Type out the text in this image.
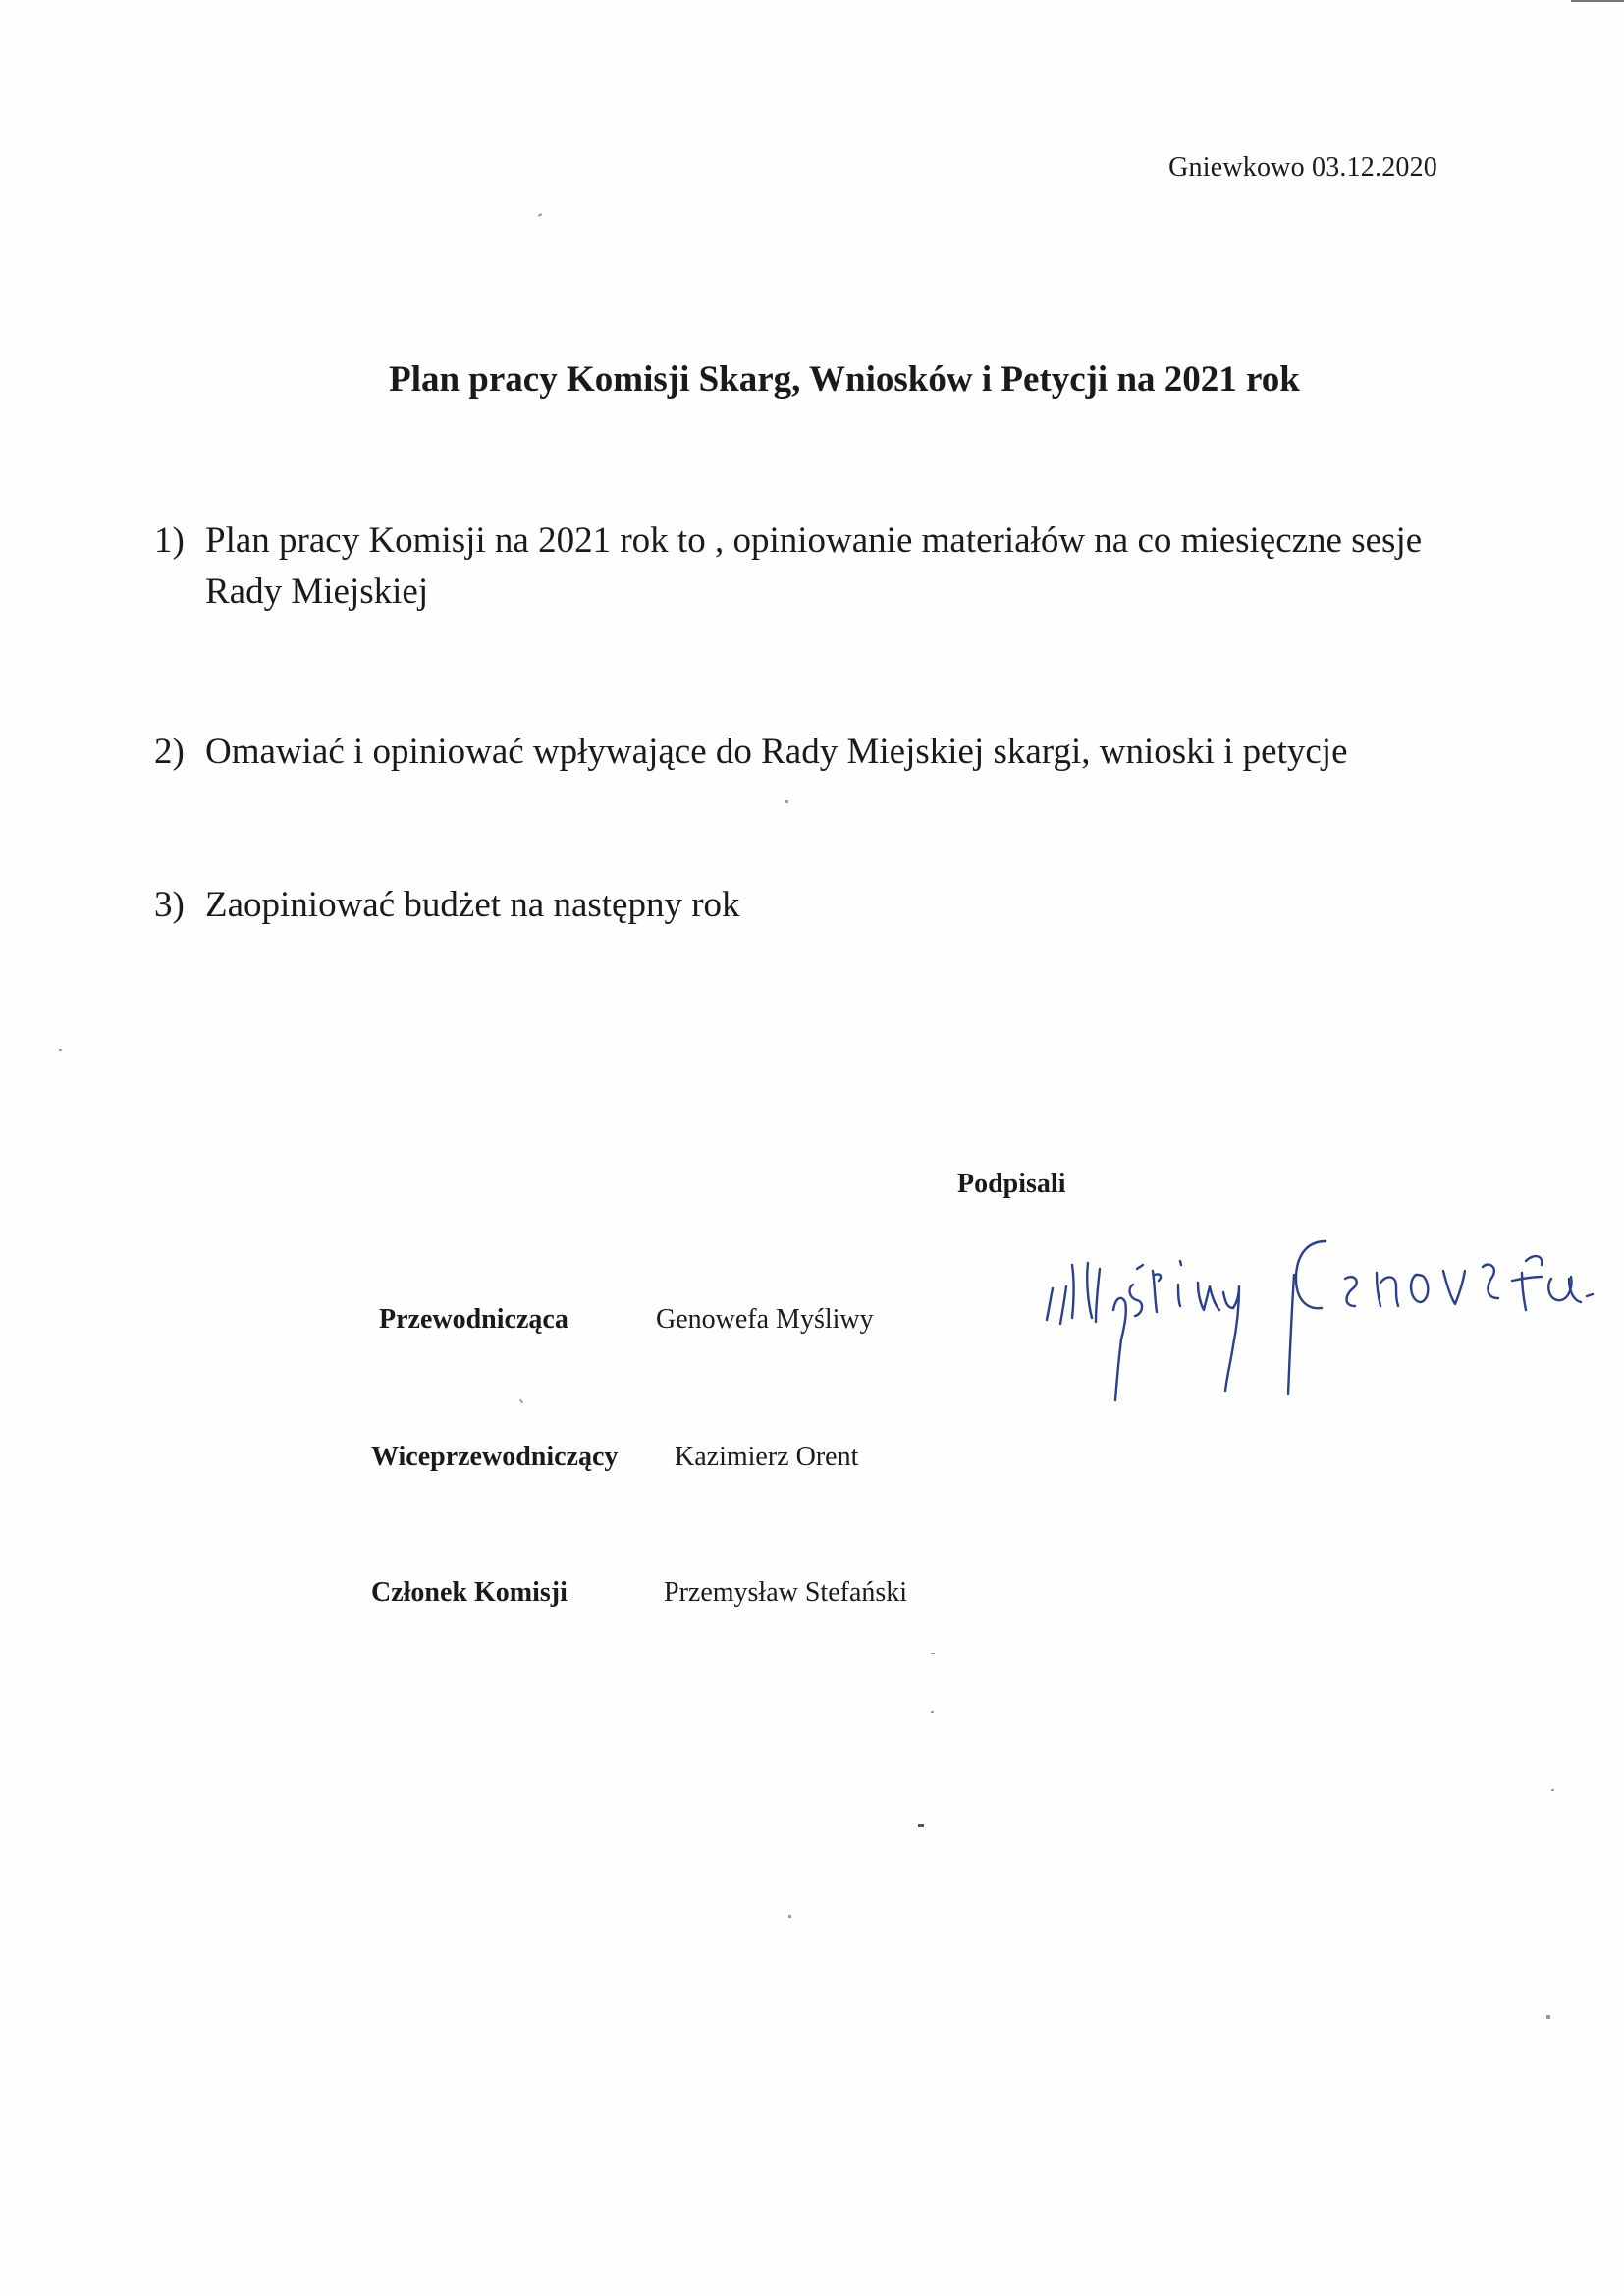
Gniewkowo 03.12.2020
Plan pracy Komisji Skarg, Wniosków i Petycji na 2021 rok
1) Plan pracy Komisji na 2021 rok to , opiniowanie materiałów na co miesięczne sesje Rady Miejskiej
2) Omawiać i opiniować wpływające do Rady Miejskiej skargi, wnioski i petycje
3) Zaopiniować budżet na następny rok
Podpisali
Przewodnicząca	Genowefa Myśliwy
Wiceprzewodniczący Kazimierz Orent
Członek Komisji	Przemysław Stefański
